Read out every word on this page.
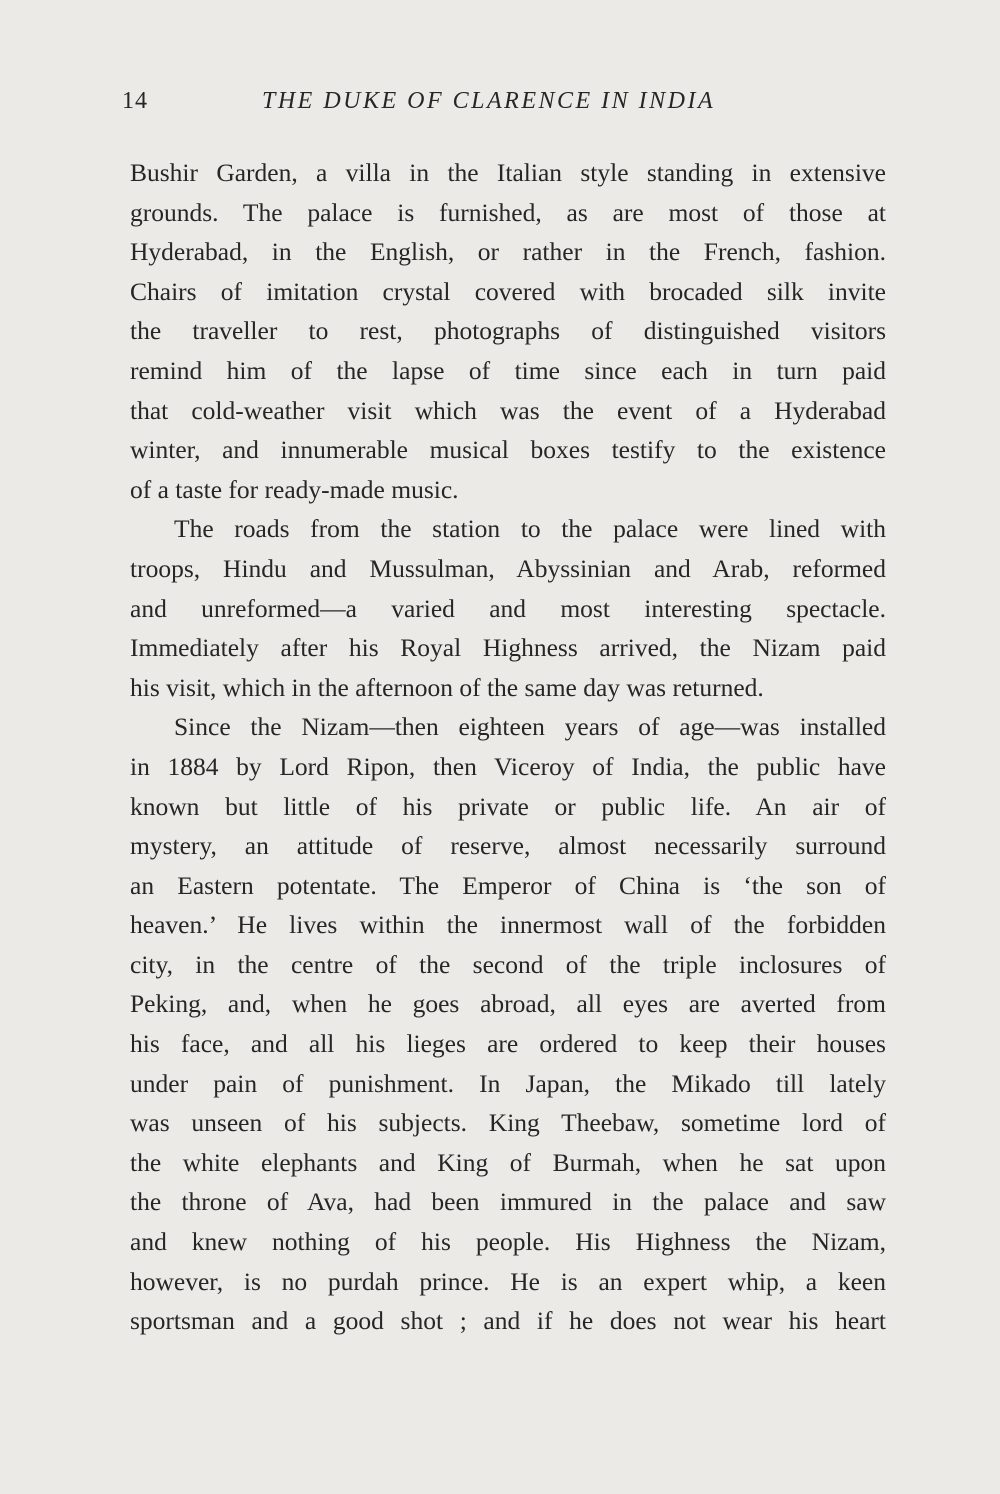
14	THE DUKE OF CLARENCE IN INDIA
Bushir Garden, a villa in the Italian style standing in extensive
grounds. The palace is furnished, as are most of those at
Hyderabad, in the English, or rather in the French, fashion.
Chairs of imitation crystal covered with brocaded silk invite
the traveller to rest, photographs of distinguished visitors
remind him of the lapse of time since each in turn paid
that cold-weather visit which was the event of a Hyderabad
winter, and innumerable musical boxes testify to the existence
of a taste for ready-made music.
The roads from the station to the palace were lined with
troops, Hindu and Mussulman, Abyssinian and Arab, reformed
and unreformed—a varied and most interesting spectacle.
Immediately after his Royal Highness arrived, the Nizam paid
his visit, which in the afternoon of the same day was returned.
Since the Nizam—then eighteen years of age—was installed
in 1884 by Lord Ripon, then Viceroy of India, the public have
known but little of his private or public life. An air of
mystery, an attitude of reserve, almost necessarily surround
an Eastern potentate. The Emperor of China is ‘the son of
heaven.’ He lives within the innermost wall of the forbidden
city, in the centre of the second of the triple inclosures of
Peking, and, when he goes abroad, all eyes are averted from
his face, and all his lieges are ordered to keep their houses
under pain of punishment. In Japan, the Mikado till lately
was unseen of his subjects. King Theebaw, sometime lord of
the white elephants and King of Burmah, when he sat upon
the throne of Ava, had been immured in the palace and saw
and knew nothing of his people. His Highness the Nizam,
however, is no purdah prince. He is an expert whip, a keen
sportsman and a good shot ; and if he does not wear his heart
